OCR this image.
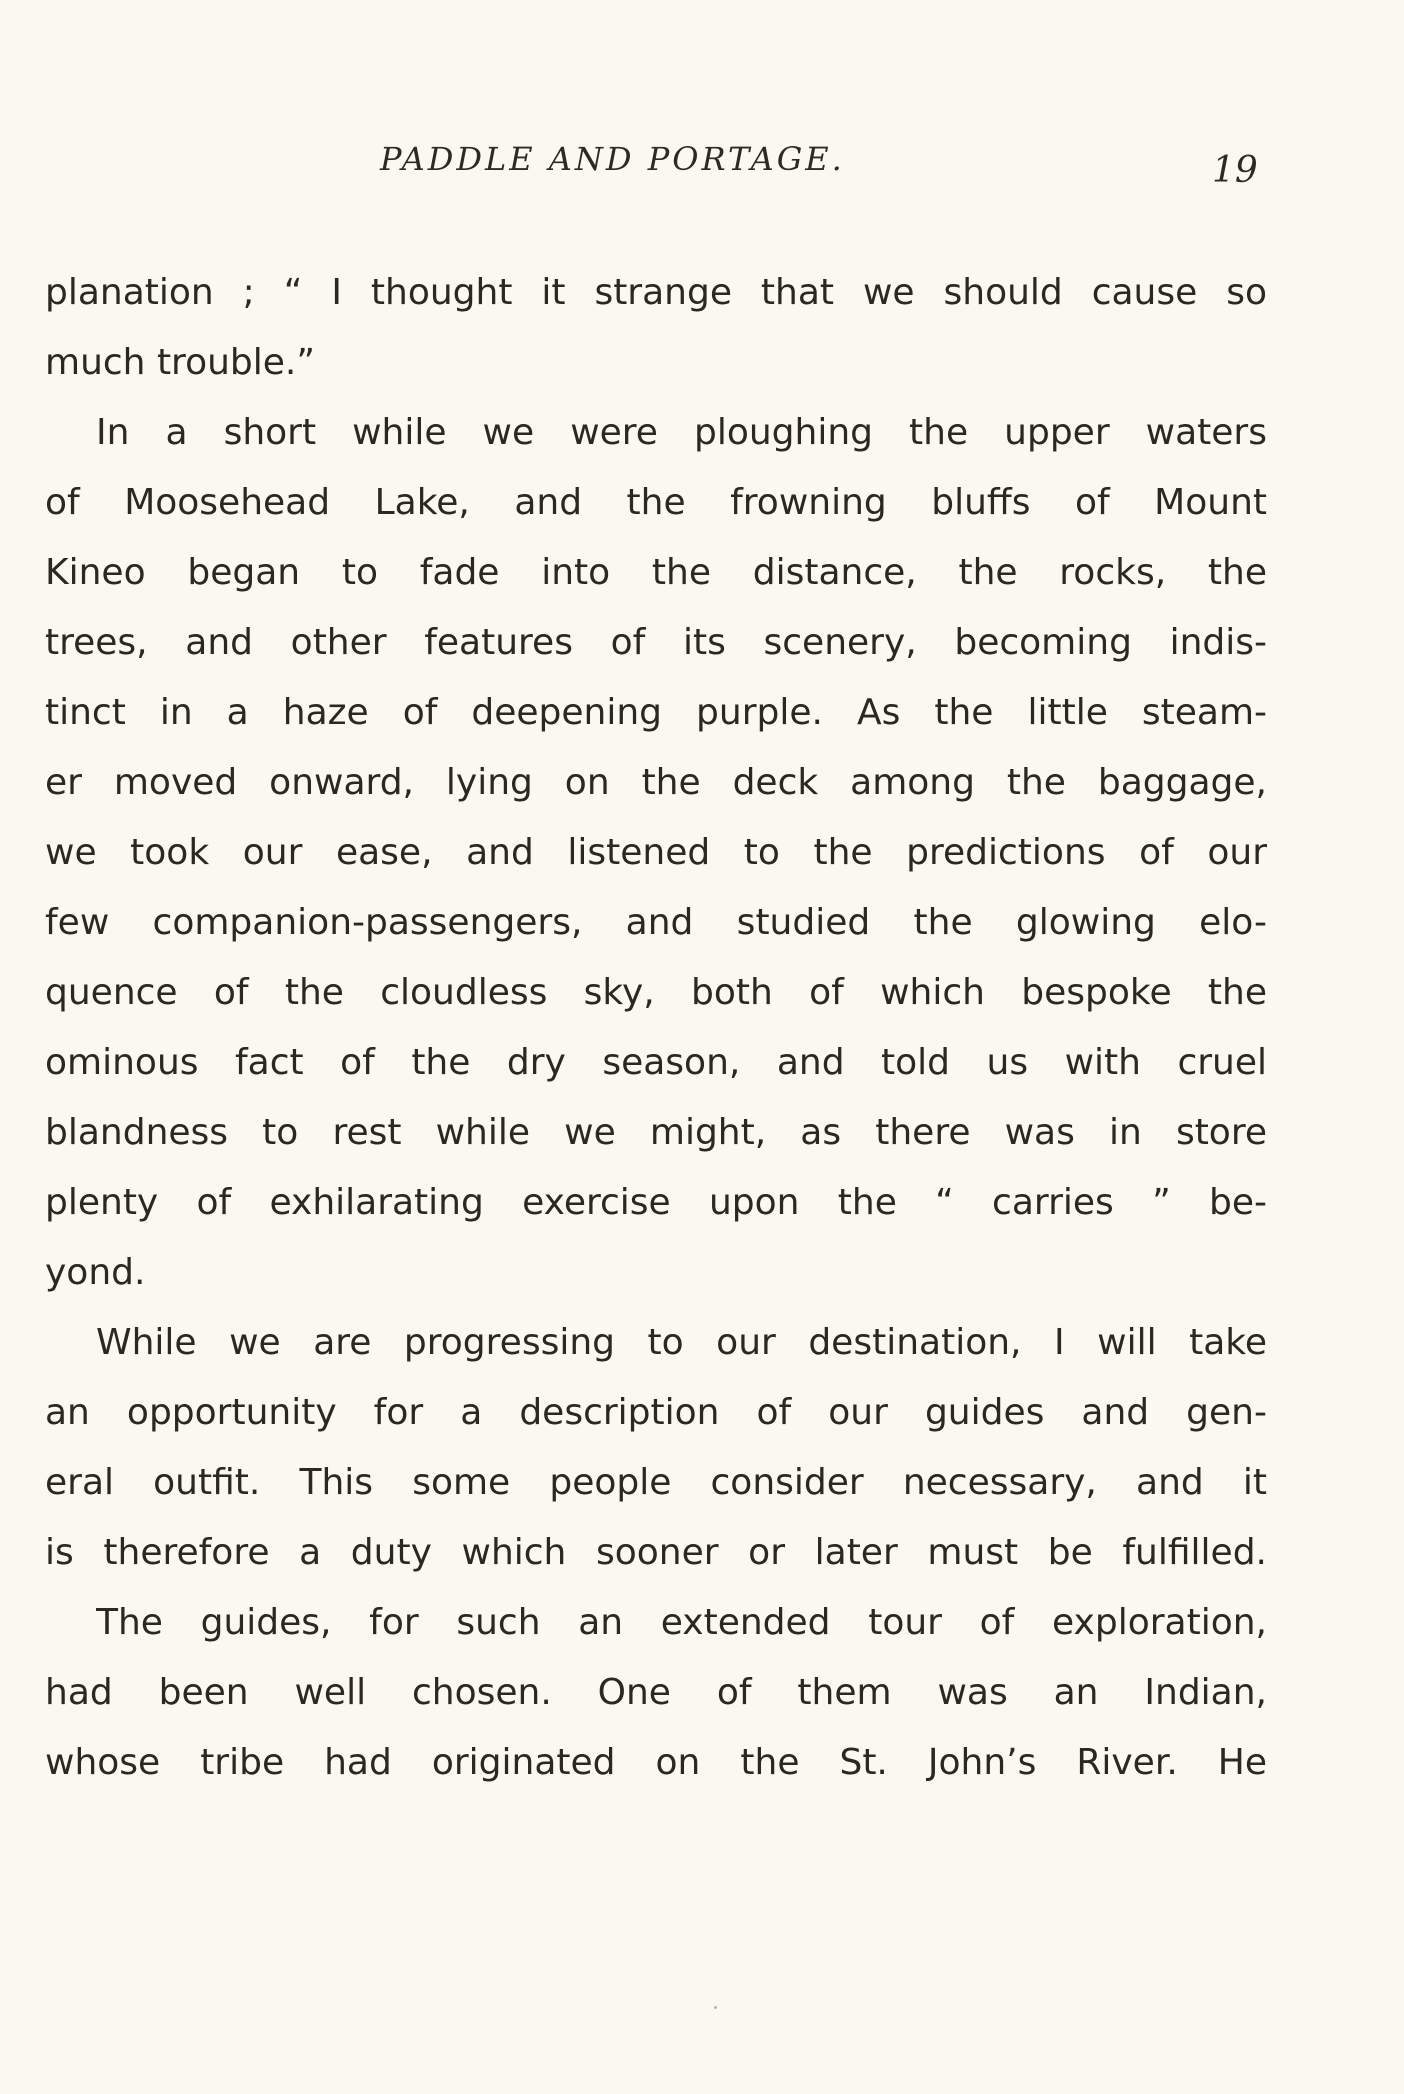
PADDLE AND PORTAGE.	19
planation ; “ I thought it strange that we should cause so
much trouble.”
In a short while we were ploughing the upper waters
of Moosehead Lake, and the frowning bluffs of Mount
Kineo began to fade into the distance, the rocks, the
trees, and other features of its scenery, becoming indis-
tinct in a haze of deepening purple. As the little steam-
er moved onward, lying on the deck among the baggage,
we took our ease, and listened to the predictions of our
few companion-passengers, and studied the glowing elo-
quence of the cloudless sky, both of which bespoke the
ominous fact of the dry season, and told us with cruel
blandness to rest while we might, as there was in store
plenty of exhilarating exercise upon the “ carries ” be-
yond.
While we are progressing to our destination, I will take
an opportunity for a description of our guides and gen-
eral outfit. This some people consider necessary, and it
is therefore a duty which sooner or later must be fulfilled.
The guides, for such an extended tour of exploration,
had been well chosen. One of them was an Indian,
whose tribe had originated on the St. John’s River. He
